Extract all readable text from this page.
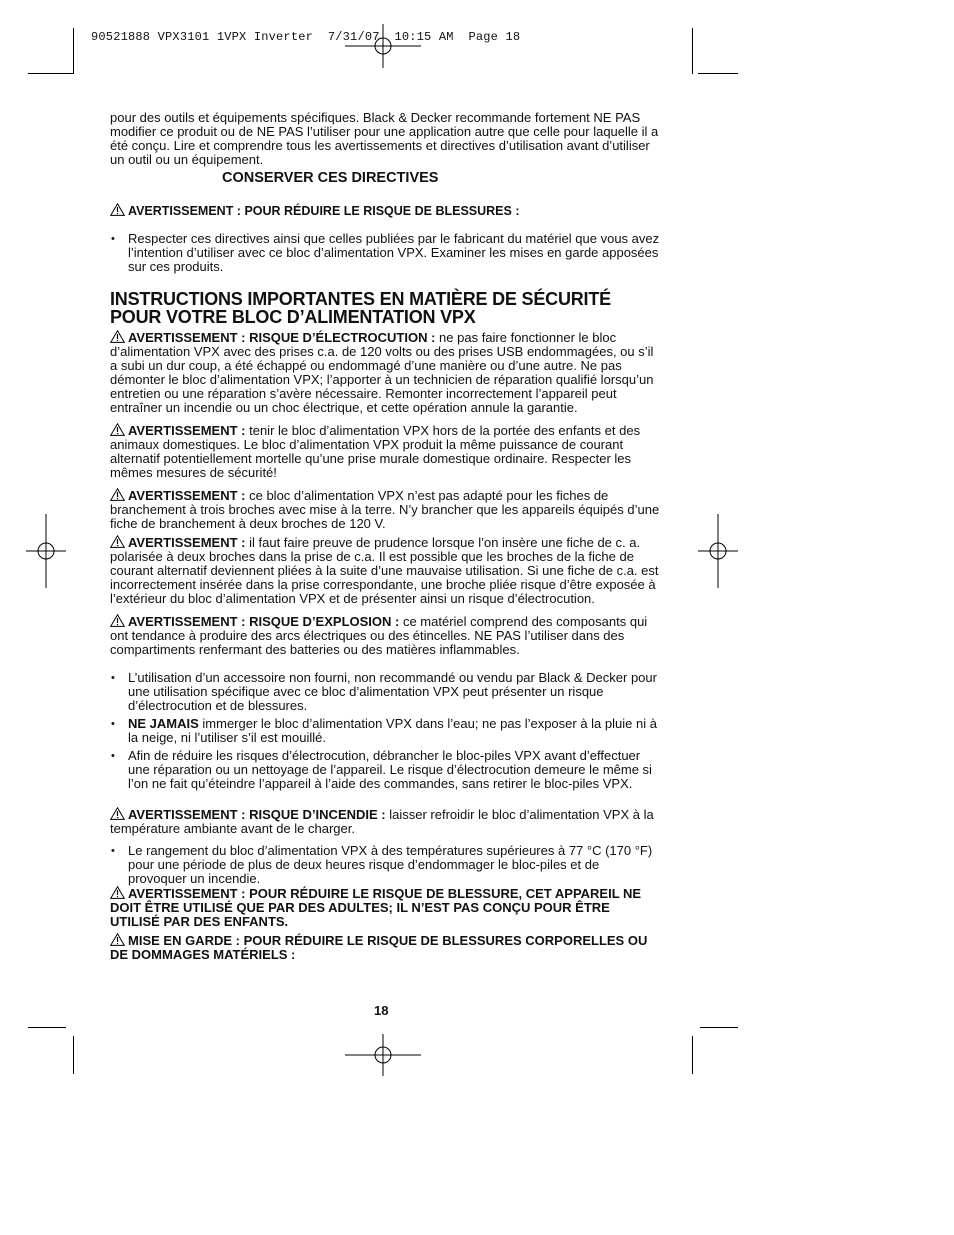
90521888 VPX3101 1VPX Inverter  7/31/07  10:15 AM  Page 18

pour des outils et équipements spécifiques. Black & Decker recommande fortement NE PAS modifier ce produit ou de NE PAS l’utiliser pour une application autre que celle pour laquelle il a été conçu. Lire et comprendre tous les avertissements et directives d’utilisation avant d’utiliser un outil ou un équipement.

CONSERVER CES DIRECTIVES

AVERTISSEMENT : POUR RÉDUIRE LE RISQUE DE BLESSURES :

• Respecter ces directives ainsi que celles publiées par le fabricant du matériel que vous avez l’intention d’utiliser avec ce bloc d’alimentation VPX. Examiner les mises en garde apposées sur ces produits.

INSTRUCTIONS IMPORTANTES EN MATIÈRE DE SÉCURITÉ
POUR VOTRE BLOC D’ALIMENTATION VPX

AVERTISSEMENT : RISQUE D’ÉLECTROCUTION : ne pas faire fonctionner le bloc d’alimentation VPX avec des prises c.a. de 120 volts ou des prises USB endommagées, ou s’il a subi un dur coup, a été échappé ou endommagé d’une manière ou d’une autre. Ne pas démonter le bloc d’alimentation VPX; l’apporter à un technicien de réparation qualifié lorsqu’un entretien ou une réparation s’avère nécessaire. Remonter incorrectement l’appareil peut entraîner un incendie ou un choc électrique, et cette opération annule la garantie.

AVERTISSEMENT : tenir le bloc d’alimentation VPX hors de la portée des enfants et des animaux domestiques. Le bloc d’alimentation VPX produit la même puissance de courant alternatif potentiellement mortelle qu’une prise murale domestique ordinaire. Respecter les mêmes mesures de sécurité!

AVERTISSEMENT : ce bloc d’alimentation VPX n’est pas adapté pour les fiches de branchement à trois broches avec mise à la terre. N’y brancher que les appareils équipés d’une fiche de branchement à deux broches de 120 V.

AVERTISSEMENT : il faut faire preuve de prudence lorsque l’on insère une fiche de c. a. polarisée à deux broches dans la prise de c.a. Il est possible que les broches de la fiche de courant alternatif deviennent pliées à la suite d’une mauvaise utilisation. Si une fiche de c.a. est incorrectement insérée dans la prise correspondante, une broche pliée risque d’être exposée à l’extérieur du bloc d’alimentation VPX et de présenter ainsi un risque d’électrocution.

AVERTISSEMENT : RISQUE D’EXPLOSION : ce matériel comprend des composants qui ont tendance à produire des arcs électriques ou des étincelles. NE PAS l’utiliser dans des compartiments renfermant des batteries ou des matières inflammables.

• L’utilisation d’un accessoire non fourni, non recommandé ou vendu par Black & Decker pour une utilisation spécifique avec ce bloc d’alimentation VPX peut présenter un risque d’électrocution et de blessures.

• NE JAMAIS immerger le bloc d’alimentation VPX dans l’eau; ne pas l’exposer à la pluie ni à la neige, ni l’utiliser s’il est mouillé.

• Afin de réduire les risques d’électrocution, débrancher le bloc-piles VPX avant d’effectuer une réparation ou un nettoyage de l’appareil. Le risque d’électrocution demeure le même si l’on ne fait qu’éteindre l’appareil à l’aide des commandes, sans retirer le bloc-piles VPX.

AVERTISSEMENT : RISQUE D’INCENDIE : laisser refroidir le bloc d’alimentation VPX à la température ambiante avant de le charger.

• Le rangement du bloc d’alimentation VPX à des températures supérieures à 77 °C (170 °F) pour une période de plus de deux heures risque d’endommager le bloc-piles et de provoquer un incendie.

AVERTISSEMENT : POUR RÉDUIRE LE RISQUE DE BLESSURE, CET APPAREIL NE DOIT ÊTRE UTILISÉ QUE PAR DES ADULTES; IL N’EST PAS CONÇU POUR ÊTRE UTILISÉ PAR DES ENFANTS.

MISE EN GARDE : POUR RÉDUIRE LE RISQUE DE BLESSURES CORPORELLES OU DE DOMMAGES MATÉRIELS :

18
